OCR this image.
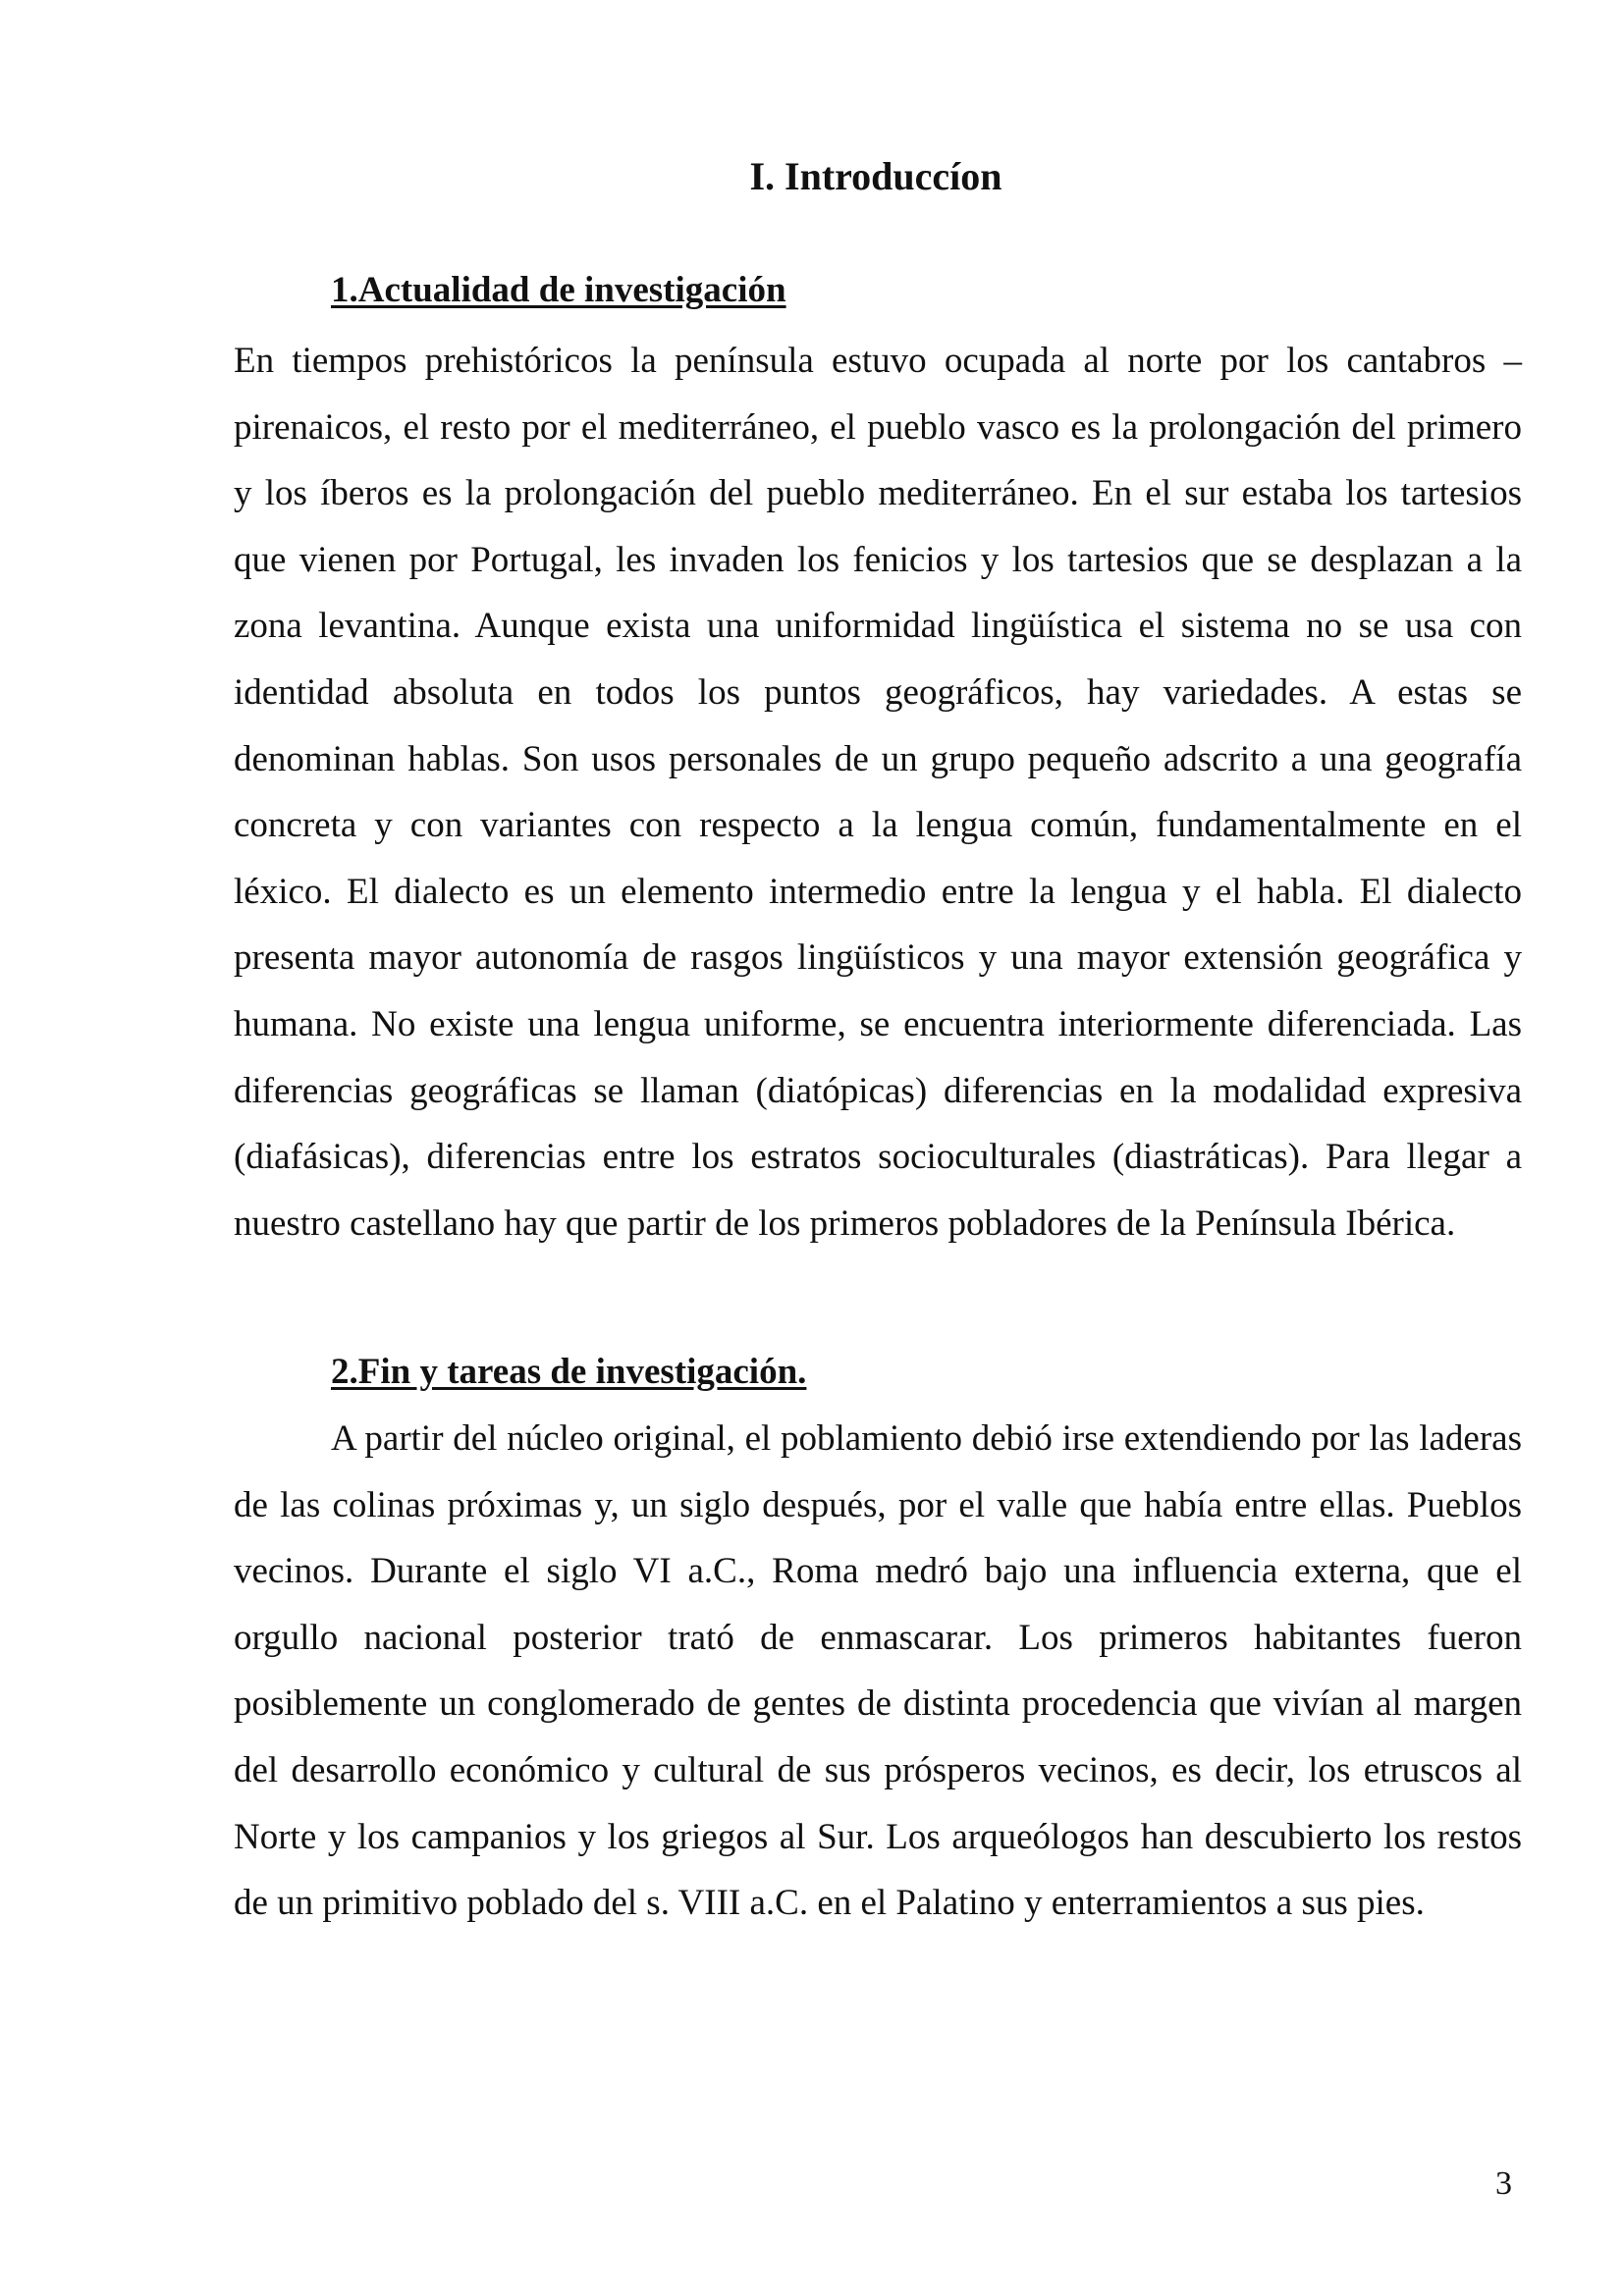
I. Introduccíon
1.Actualidad de investigación

En tiempos prehistóricos la península estuvo ocupada al norte por los cantabros – pirenaicos, el resto por el mediterráneo, el pueblo vasco es la prolongación del primero y los íberos es la prolongación del pueblo mediterráneo. En el sur estaba los tartesios que vienen por Portugal, les invaden los fenicios y los tartesios que se desplazan a la zona levantina. Aunque exista una uniformidad lingüística el sistema no se usa con identidad absoluta en todos los puntos geográficos, hay variedades. A estas se denominan hablas. Son usos personales de un grupo pequeño adscrito a una geografía concreta y con variantes con respecto a la lengua común, fundamentalmente en el léxico. El dialecto es un elemento intermedio entre la lengua y el habla. El dialecto presenta mayor autonomía de rasgos lingüísticos y una mayor extensión geográfica y humana. No existe una lengua uniforme, se encuentra interiormente diferenciada. Las diferencias geográficas se llaman (diatópicas) diferencias en la modalidad expresiva (diafásicas), diferencias entre los estratos socioculturales (diastráticas). Para llegar a nuestro castellano hay que partir de los primeros pobladores de la Península Ibérica.

2.Fin y tareas de investigación.

A partir del núcleo original, el poblamiento debió irse extendiendo por las laderas de las colinas próximas y, un siglo después, por el valle que había entre ellas. Pueblos vecinos. Durante el siglo VI a.C., Roma medró bajo una influencia externa, que el orgullo nacional posterior trató de enmascarar. Los primeros habitantes fueron posiblemente un conglomerado de gentes de distinta procedencia que vivían al margen del desarrollo económico y cultural de sus prósperos vecinos, es decir, los etruscos al Norte y los campanios y los griegos al Sur. Los arqueólogos han descubierto los restos de un primitivo poblado del s. VIII a.C. en el Palatino y enterramientos a sus pies.

3
